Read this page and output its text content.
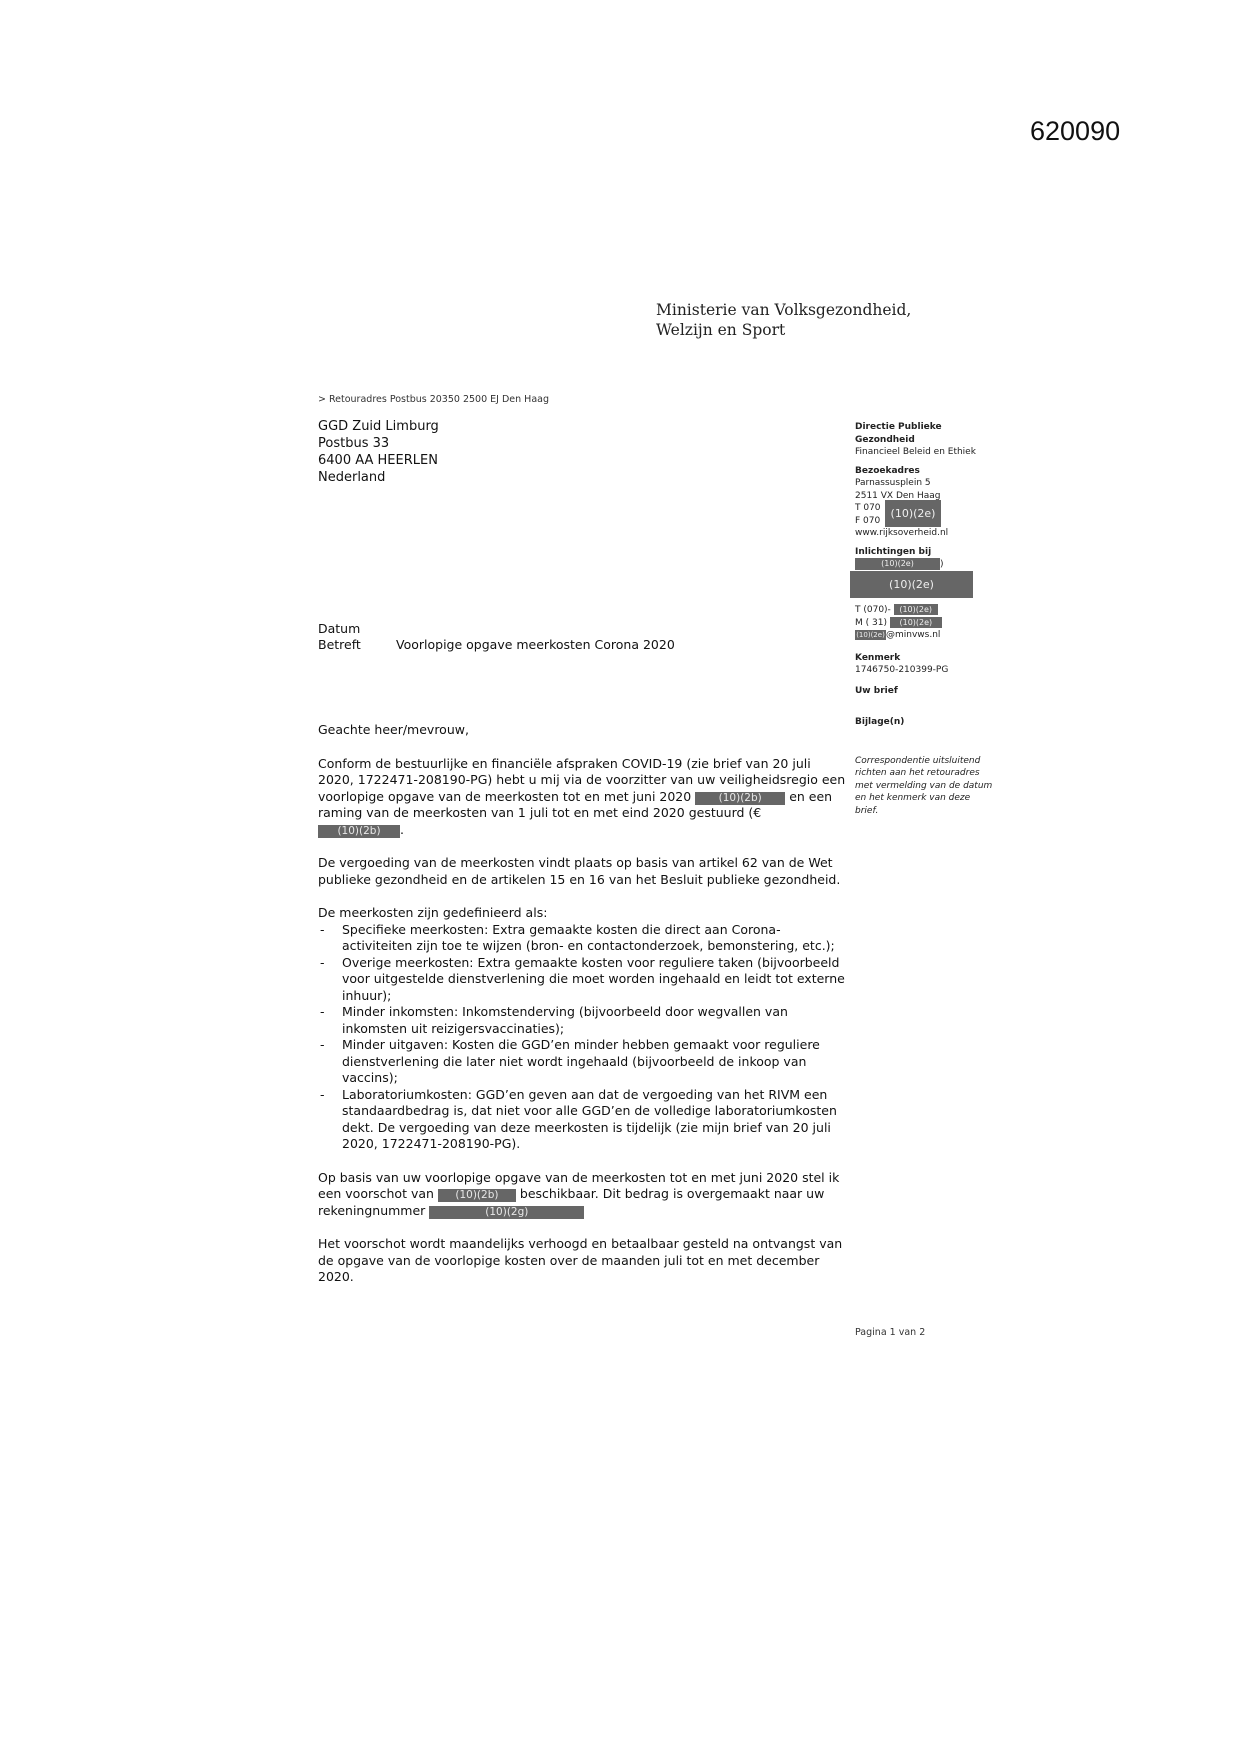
620090
Ministerie van Volksgezondheid,
Welzijn en Sport
> Retouradres Postbus 20350 2500 EJ Den Haag
GGD Zuid Limburg
Postbus 33
6400 AA HEERLEN
Nederland
Directie Publieke
Gezondheid
Financieel Beleid en Ethiek
Bezoekadres
Parnassusplein 5
2511 VX Den Haag
T 070
F 070
(10)(2e)
www.rijksoverheid.nl
Inlichtingen bij
(10)(2e)	)
(10)(2e)
T (070)- (10)(2e)
M ( 31) (10)(2e)
(10)(2e)@minvws.nl
Kenmerk
1746750-210399-PG
Uw brief
Bijlage(n)
Correspondentie uitsluitend richten aan het retouradres met vermelding van de datum en het kenmerk van deze brief.
Datum
Betreft	Voorlopige opgave meerkosten Corona 2020

Geachte heer/mevrouw,

Conform de bestuurlijke en financiële afspraken COVID-19 (zie brief van 20 juli 2020, 1722471-208190-PG) hebt u mij via de voorzitter van uw veiligheidsregio een voorlopige opgave van de meerkosten tot en met juni 2020	(10)(2b) en een raming van de meerkosten van 1 juli tot en met eind 2020 gestuurd (€
(10)(2b) .

De vergoeding van de meerkosten vindt plaats op basis van artikel 62 van de Wet publieke gezondheid en de artikelen 15 en 16 van het Besluit publieke gezondheid.

De meerkosten zijn gedefinieerd als:
- Specifieke meerkosten: Extra gemaakte kosten die direct aan Corona-activiteiten zijn toe te wijzen (bron- en contactonderzoek, bemonstering, etc.);
- Overige meerkosten: Extra gemaakte kosten voor reguliere taken (bijvoorbeeld voor uitgestelde dienstverlening die moet worden ingehaald en leidt tot externe inhuur);
- Minder inkomsten: Inkomstenderving (bijvoorbeeld door wegvallen van inkomsten uit reizigersvaccinaties);
- Minder uitgaven: Kosten die GGD’en minder hebben gemaakt voor reguliere dienstverlening die later niet wordt ingehaald (bijvoorbeeld de inkoop van vaccins);
- Laboratoriumkosten: GGD’en geven aan dat de vergoeding van het RIVM een standaardbedrag is, dat niet voor alle GGD’en de volledige laboratoriumkosten dekt. De vergoeding van deze meerkosten is tijdelijk (zie mijn brief van 20 juli 2020, 1722471-208190-PG).

Op basis van uw voorlopige opgave van de meerkosten tot en met juni 2020 stel ik een voorschot van (10)(2b) beschikbaar. Dit bedrag is overgemaakt naar uw rekeningnummer	(10)(2g)

Het voorschot wordt maandelijks verhoogd en betaalbaar gesteld na ontvangst van de opgave van de voorlopige kosten over de maanden juli tot en met december 2020.

Pagina 1 van 2
